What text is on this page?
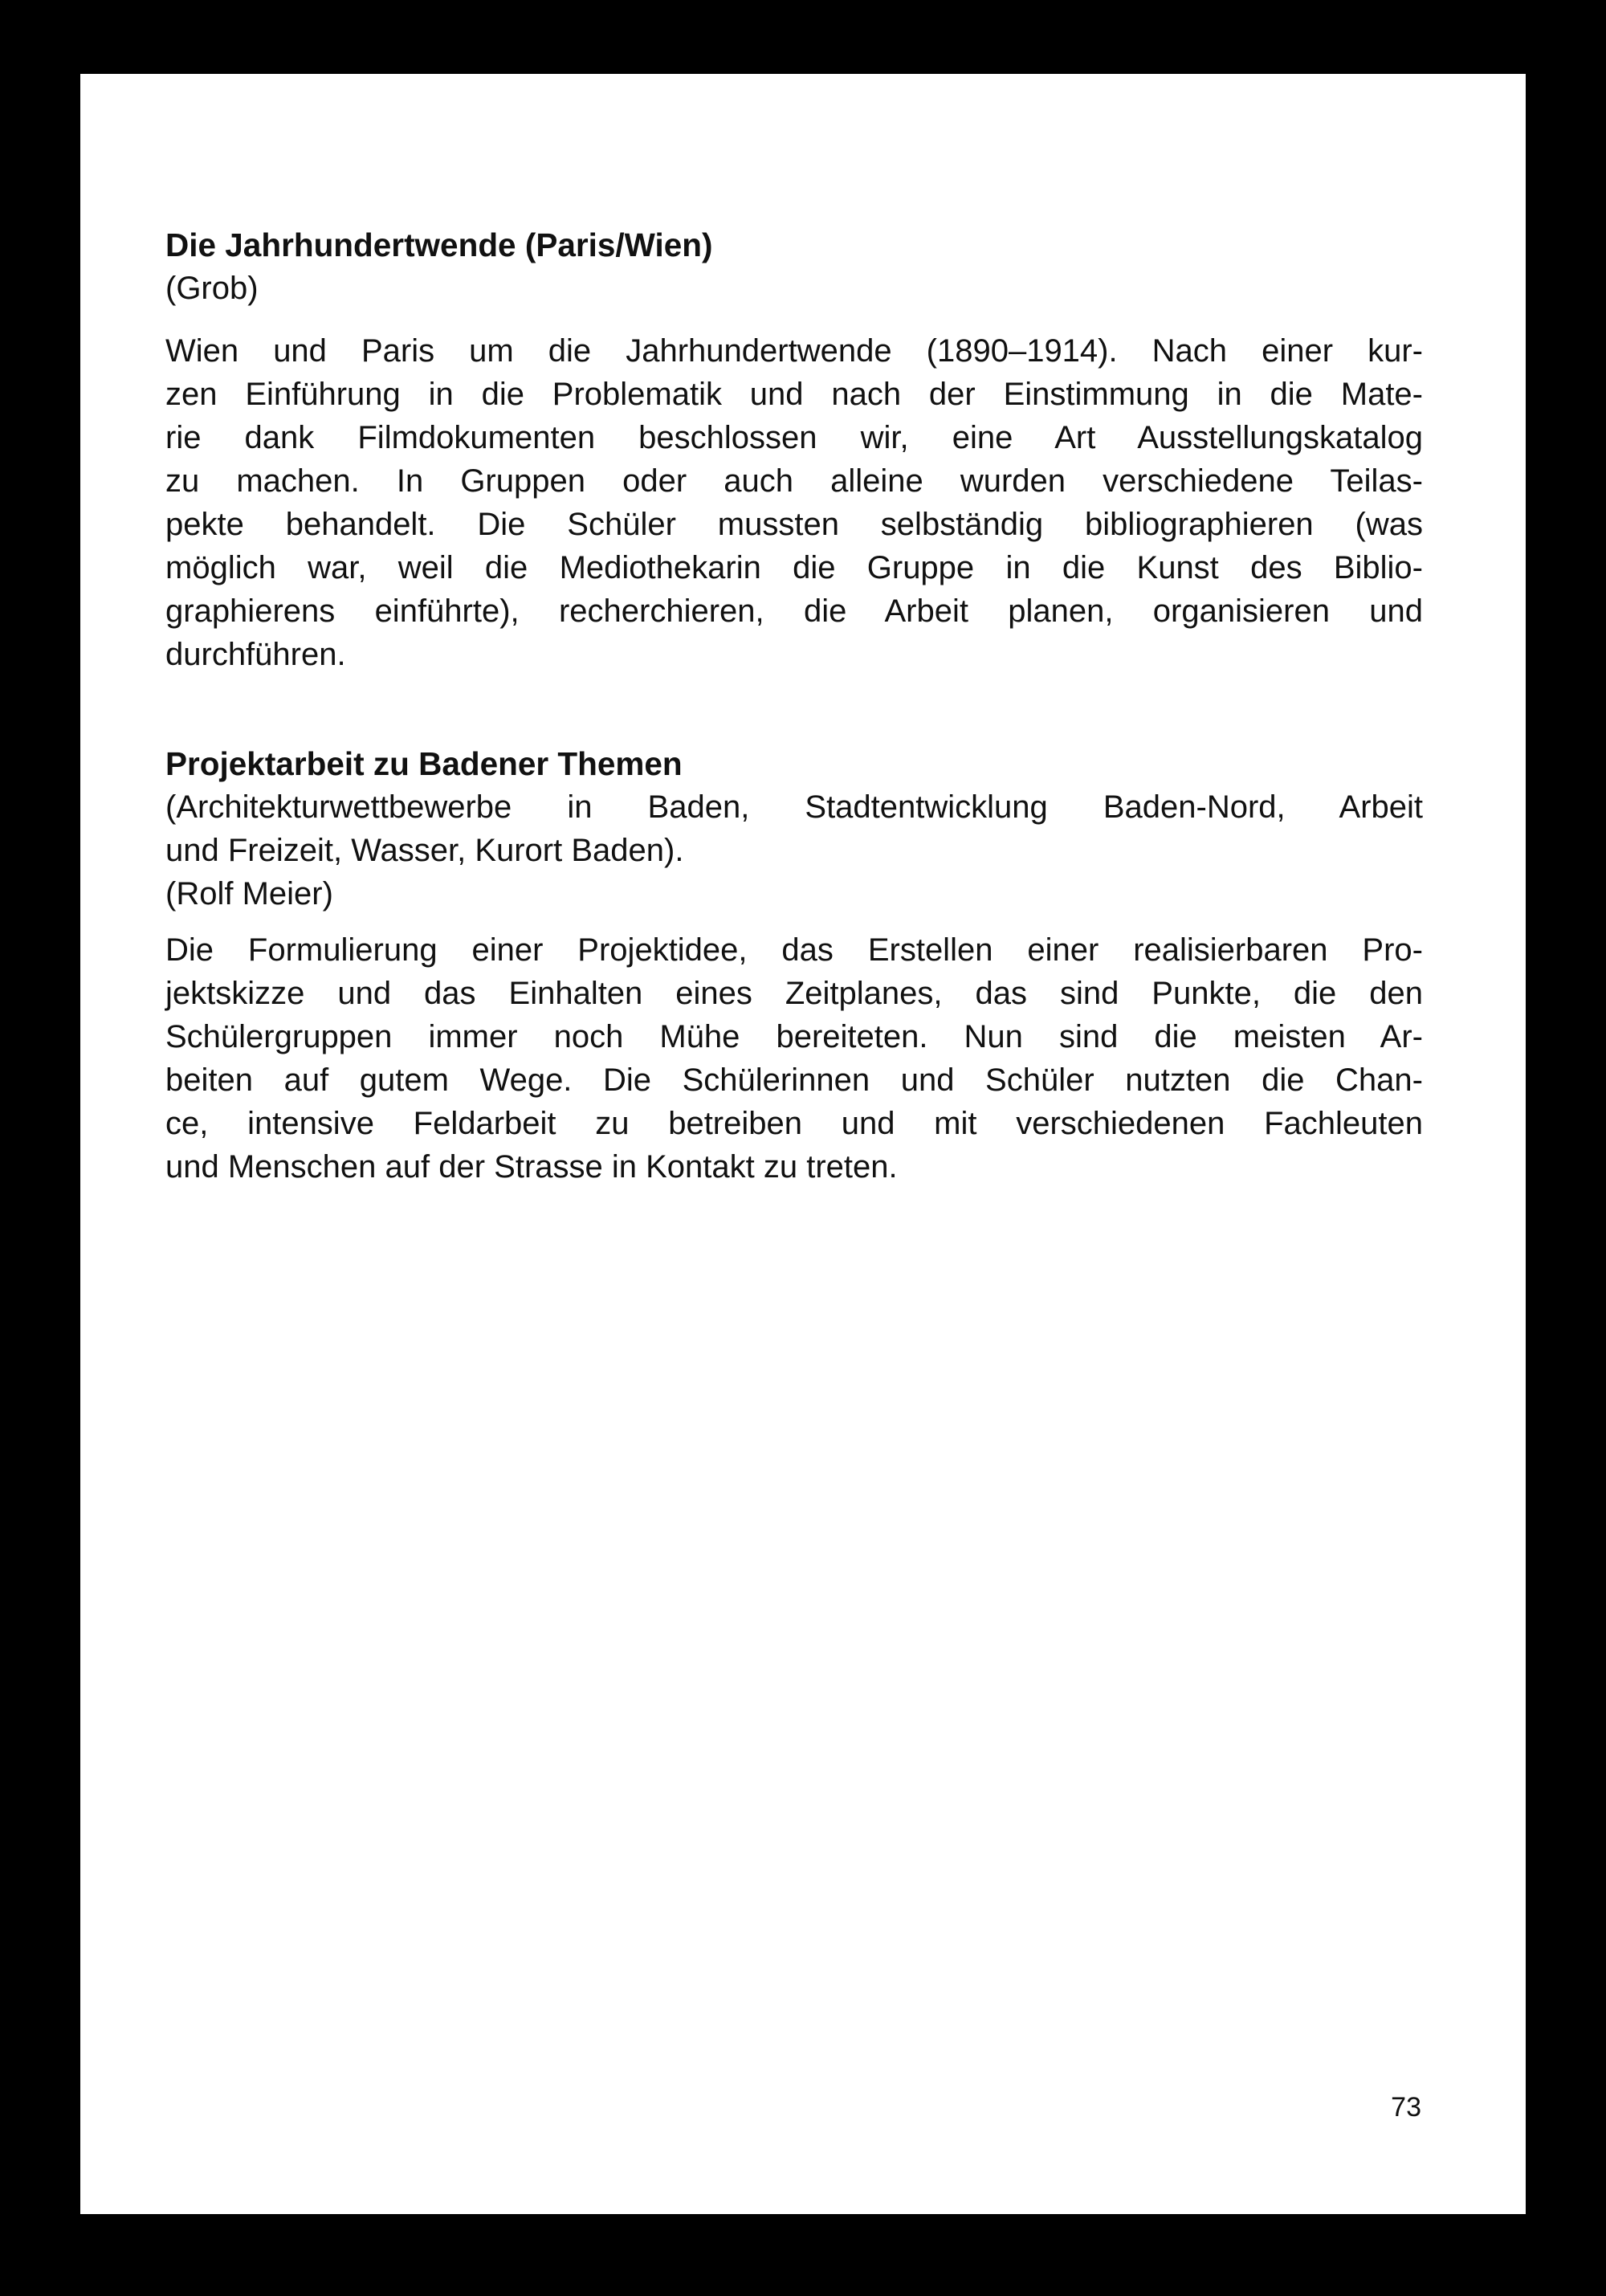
Die Jahrhundertwende (Paris/Wien)

(Grob)

Wien und Paris um die Jahrhundertwende (1890–1914). Nach einer kur-
zen Einführung in die Problematik und nach der Einstimmung in die Mate-
rie dank Filmdokumenten beschlossen wir, eine Art Ausstellungskatalog
zu machen. In Gruppen oder auch alleine wurden verschiedene Teilas-
pekte behandelt. Die Schüler mussten selbständig bibliographieren (was
möglich war, weil die Mediothekarin die Gruppe in die Kunst des Biblio-
graphierens einführte), recherchieren, die Arbeit planen, organisieren und
durchführen.
Projektarbeit zu Badener Themen
(Architekturwettbewerbe in Baden, Stadtentwicklung Baden-Nord, Arbeit
und Freizeit, Wasser, Kurort Baden).

(Rolf Meier)

Die Formulierung einer Projektidee, das Erstellen einer realisierbaren Pro-
jektskizze und das Einhalten eines Zeitplanes, das sind Punkte, die den
Schülergruppen immer noch Mühe bereiteten. Nun sind die meisten Ar-
beiten auf gutem Wege. Die Schülerinnen und Schüler nutzten die Chan-
ce, intensive Feldarbeit zu betreiben und mit verschiedenen Fachleuten
und Menschen auf der Strasse in Kontakt zu treten.
73
